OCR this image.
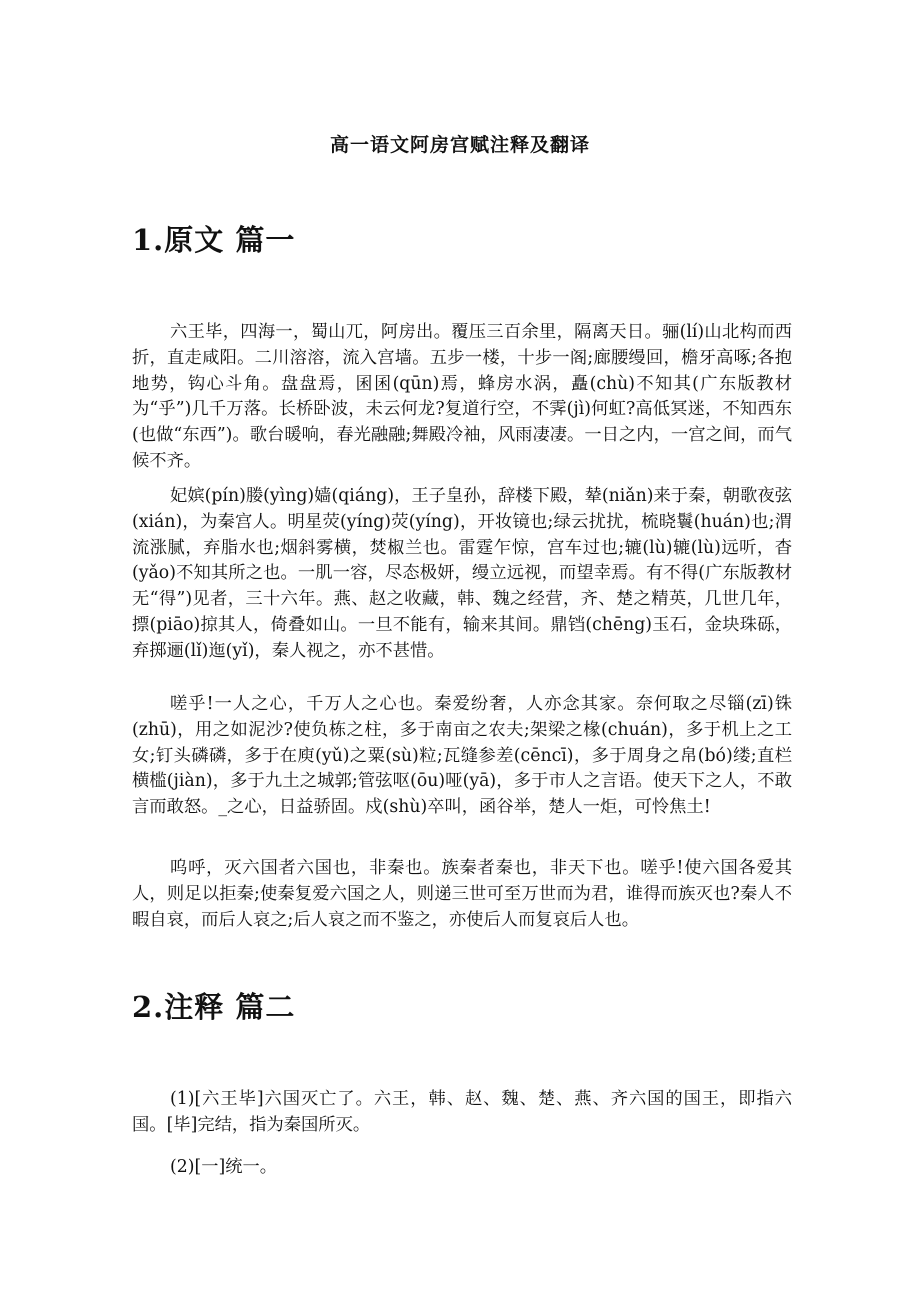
高一语文阿房宫赋注释及翻译
1.原文 篇一

六王毕，四海一，蜀山兀，阿房出。覆压三百余里，隔离天日。骊(lí)山北构而西折，直走咸阳。二川溶溶，流入宫墙。五步一楼，十步一阁;廊腰缦回，檐牙高啄;各抱地势，钩心斗角。盘盘焉，囷囷(qūn)焉，蜂房水涡，矗(chù)不知其(广东版教材为“乎”)几千万落。长桥卧波，未云何龙?复道行空，不霁(jì)何虹?高低冥迷，不知西东(也做“东西”)。歌台暖响，春光融融;舞殿冷袖，风雨凄凄。一日之内，一宫之间，而气候不齐。

妃嫔(pín)媵(yìng)嫱(qiáng)，王子皇孙，辞楼下殿，辇(niǎn)来于秦，朝歌夜弦(xián)，为秦宫人。明星荧(yíng)荧(yíng)，开妆镜也;绿云扰扰，梳晓鬟(huán)也;渭流涨腻，弃脂水也;烟斜雾横，焚椒兰也。雷霆乍惊，宫车过也;辘(lù)辘(lù)远听，杳(yǎo)不知其所之也。一肌一容，尽态极妍，缦立远视，而望幸焉。有不得(广东版教材无“得”)见者，三十六年。燕、赵之收藏，韩、魏之经营，齐、楚之精英，几世几年，摽(piāo)掠其人，倚叠如山。一旦不能有，输来其间。鼎铛(chēng)玉石，金块珠砾，弃掷逦(lǐ)迤(yǐ)，秦人视之，亦不甚惜。

嗟乎!一人之心，千万人之心也。秦爱纷奢，人亦念其家。奈何取之尽锱(zī)铢(zhū)，用之如泥沙?使负栋之柱，多于南亩之农夫;架梁之椽(chuán)，多于机上之工女;钉头磷磷，多于在庾(yǔ)之粟(sù)粒;瓦缝参差(cēncī)，多于周身之帛(bó)缕;直栏横槛(jiàn)，多于九土之城郭;管弦呕(ōu)哑(yā)，多于市人之言语。使天下之人，不敢言而敢怒。_之心，日益骄固。戍(shù)卒叫，函谷举，楚人一炬，可怜焦土!

呜呼，灭六国者六国也，非秦也。族秦者秦也，非天下也。嗟乎!使六国各爱其人，则足以拒秦;使秦复爱六国之人，则递三世可至万世而为君，谁得而族灭也?秦人不暇自哀，而后人哀之;后人哀之而不鉴之，亦使后人而复哀后人也。

2.注释 篇二

(1)[六王毕]六国灭亡了。六王，韩、赵、魏、楚、燕、齐六国的国王，即指六国。[毕]完结，指为秦国所灭。

(2)[一]统一。
